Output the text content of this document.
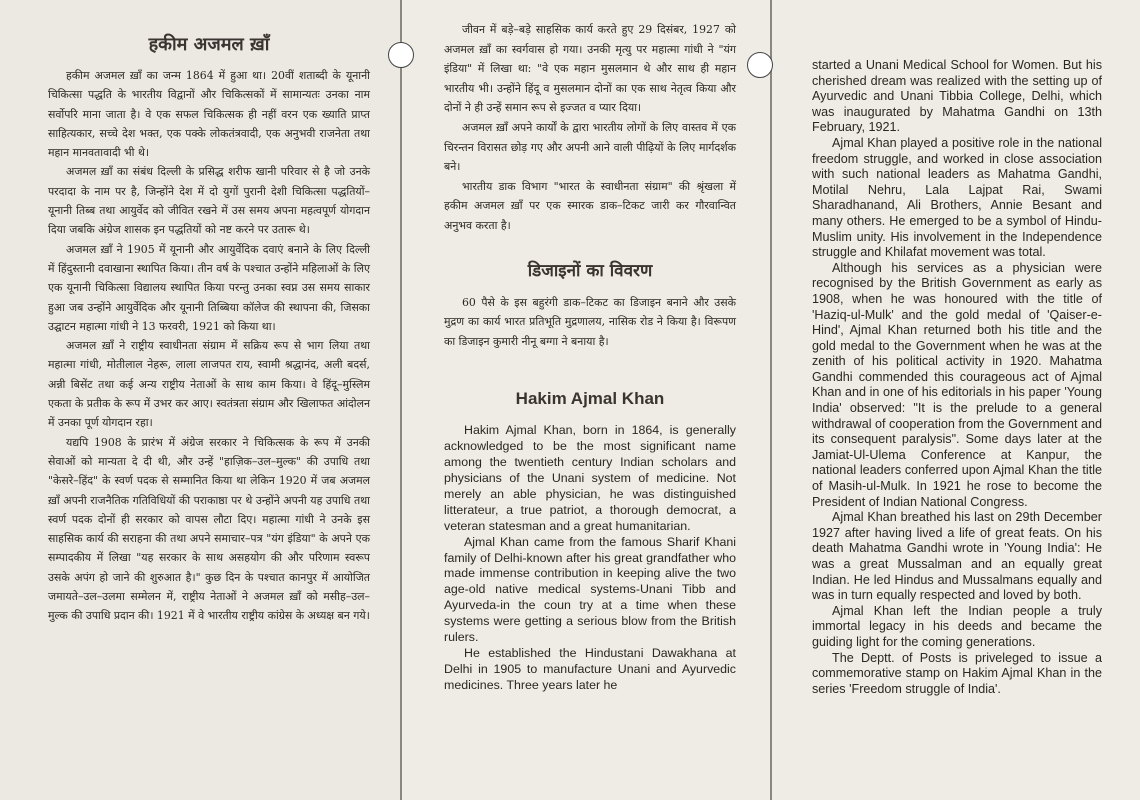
हकीम अजमल ख़ाँ

हकीम अजमल ख़ाँ का जन्म 1864 में हुआ था। 20वीं शताब्दी के यूनानी चिकित्सा पद्धति के भारतीय विद्वानों और चिकित्सकों में सामान्यतः उनका नाम सर्वोपरि माना जाता है। वे एक सफल चिकित्सक ही नहीं वरन एक ख्याति प्राप्त साहित्यकार, सच्चे देश भक्त, एक पक्के लोकतंत्रवादी, एक अनुभवी राजनेता तथा महान मानवतावादी भी थे।

अजमल ख़ाँ का संबंध दिल्ली के प्रसिद्ध शरीफ खानी परिवार से है जो उनके परदादा के नाम पर है, जिन्होंने देश में दो युगों पुरानी देशी चिकित्सा पद्धतियों–यूनानी तिब्ब तथा आयुर्वेद को जीवित रखने में उस समय अपना महत्वपूर्ण योगदान दिया जबकि अंग्रेज शासक इन पद्धतियों को नष्ट करने पर उतारू थे।

अजमल ख़ाँ ने 1905 में यूनानी और आयुर्वेदिक दवाएं बनाने के लिए दिल्ली में हिंदुस्तानी दवाखाना स्थापित किया। तीन वर्ष के पश्चात उन्होंने महिलाओं के लिए एक यूनानी चिकित्सा विद्यालय स्थापित किया परन्तु उनका स्वप्न उस समय साकार हुआ जब उन्होंने आयुर्वेदिक और यूनानी तिब्बिया कॉलेज की स्थापना की, जिसका उद्घाटन महात्मा गांधी ने 13 फरवरी, 1921 को किया था।

अजमल ख़ाँ ने राष्ट्रीय स्वाधीनता संग्राम में सक्रिय रूप से भाग लिया तथा महात्मा गांधी, मोतीलाल नेहरू, लाला लाजपत राय, स्वामी श्रद्धानंद, अली बदर्स, अन्नी बिसेंट तथा कई अन्य राष्ट्रीय नेताओं के साथ काम किया। वे हिंदू–मुस्लिम एकता के प्रतीक के रूप में उभर कर आए। स्वतंत्रता संग्राम और खिलाफत आंदोलन में उनका पूर्ण योगदान रहा।

यद्यपि 1908 के प्रारंभ में अंग्रेज सरकार ने चिकित्सक के रूप में उनकी सेवाओं को मान्यता दे दी थी, और उन्हें "हाज़िक–उल–मुल्क" की उपाधि तथा "केसरे–हिंद" के स्वर्ण पदक से सम्मानित किया था लेकिन 1920 में जब अजमल ख़ाँ अपनी राजनैतिक गतिविधियों की पराकाष्ठा पर थे उन्होंने अपनी यह उपाधि तथा स्वर्ण पदक दोनों ही सरकार को वापस लौटा दिए। महात्मा गांधी ने उनके इस साहसिक कार्य की सराहना की तथा अपने समाचार–पत्र "यंग इंडिया" के अपने एक सम्पादकीय में लिखा "यह सरकार के साथ असहयोग की और परिणाम स्वरूप उसके अपंग हो जाने की शुरुआत है।" कुछ दिन के पश्चात कानपुर में आयोजित जमायते–उल–उलमा सम्मेलन में, राष्ट्रीय नेताओं ने अजमल ख़ाँ को मसीह–उल–मुल्क की उपाधि प्रदान की। 1921 में वे भारतीय राष्ट्रीय कांग्रेस के अध्यक्ष बन गये।

जीवन में बड़े–बड़े साहसिक कार्य करते हुए 29 दिसंबर, 1927 को अजमल ख़ाँ का स्वर्गवास हो गया। उनकी मृत्यु पर महात्मा गांधी ने "यंग इंडिया" में लिखा था: "वे एक महान मुसलमान थे और साथ ही महान भारतीय भी। उन्होंने हिंदू व मुसलमान दोनों का एक साथ नेतृत्व किया और दोनों ने ही उन्हें समान रूप से इज्जत व प्यार दिया।

अजमल ख़ाँ अपने कार्यों के द्वारा भारतीय लोगों के लिए वास्तव में एक चिरन्तन विरासत छोड़ गए और अपनी आने वाली पीढ़ियों के लिए मार्गदर्शक बने।

भारतीय डाक विभाग "भारत के स्वाधीनता संग्राम" की श्रृंखला में हकीम अजमल ख़ाँ पर एक स्मारक डाक–टिकट जारी कर गौरवान्वित अनुभव करता है।

डिजाइनों का विवरण

60 पैसे के इस बहुरंगी डाक–टिकट का डिजाइन बनाने और उसके मुद्रण का कार्य भारत प्रतिभूति मुद्रणालय, नासिक रोड ने किया है। विरूपण का डिजाइन कुमारी नीनू बग्गा ने बनाया है।

Hakim Ajmal Khan

Hakim Ajmal Khan, born in 1864, is generally acknowledged to be the most significant name among the twentieth century Indian scholars and physicians of the Unani system of medicine. Not merely an able physician, he was distinguished litterateur, a true patriot, a thorough democrat, a veteran statesman and a great humanitarian.

Ajmal Khan came from the famous Sharif Khani family of Delhi-known after his great grandfather who made immense contribution in keeping alive the two age-old native medical systems-Unani Tibb and Ayurveda-in the coun try at a time when these systems were getting a serious blow from the British rulers.

He established the Hindustani Dawakhana at Delhi in 1905 to manufacture Unani and Ayurvedic medicines. Three years later he

started a Unani Medical School for Women. But his cherished dream was realized with the setting up of Ayurvedic and Unani Tibbia College, Delhi, which was inaugurated by Mahatma Gandhi on 13th February, 1921.

Ajmal Khan played a positive role in the national freedom struggle, and worked in close association with such national leaders as Mahatma Gandhi, Motilal Nehru, Lala Lajpat Rai, Swami Sharadhanand, Ali Brothers, Annie Besant and many others. He emerged to be a symbol of Hindu-Muslim unity. His involvement in the Independence struggle and Khilafat movement was total.

Although his services as a physician were recognised by the British Government as early as 1908, when he was honoured with the title of 'Haziq-ul-Mulk' and the gold medal of 'Qaiser-e-Hind', Ajmal Khan returned both his title and the gold medal to the Government when he was at the zenith of his political activity in 1920. Mahatma Gandhi commended this courageous act of Ajmal Khan and in one of his editorials in his paper 'Young India' observed: "It is the prelude to a general withdrawal of cooperation from the Government and its consequent paralysis". Some days later at the Jamiat-Ul-Ulema Conference at Kanpur, the national leaders conferred upon Ajmal Khan the title of Masih-ul-Mulk. In 1921 he rose to become the President of Indian National Congress.

Ajmal Khan breathed his last on 29th December 1927 after having lived a life of great feats. On his death Mahatma Gandhi wrote in 'Young India': He was a great Mussalman and an equally great Indian. He led Hindus and Mussalmans equally and was in turn equally respected and loved by both.

Ajmal Khan left the Indian people a truly immortal legacy in his deeds and became the guiding light for the coming generations.

The Deptt. of Posts is priveleged to issue a commemorative stamp on Hakim Ajmal Khan in the series 'Freedom struggle of India'.
